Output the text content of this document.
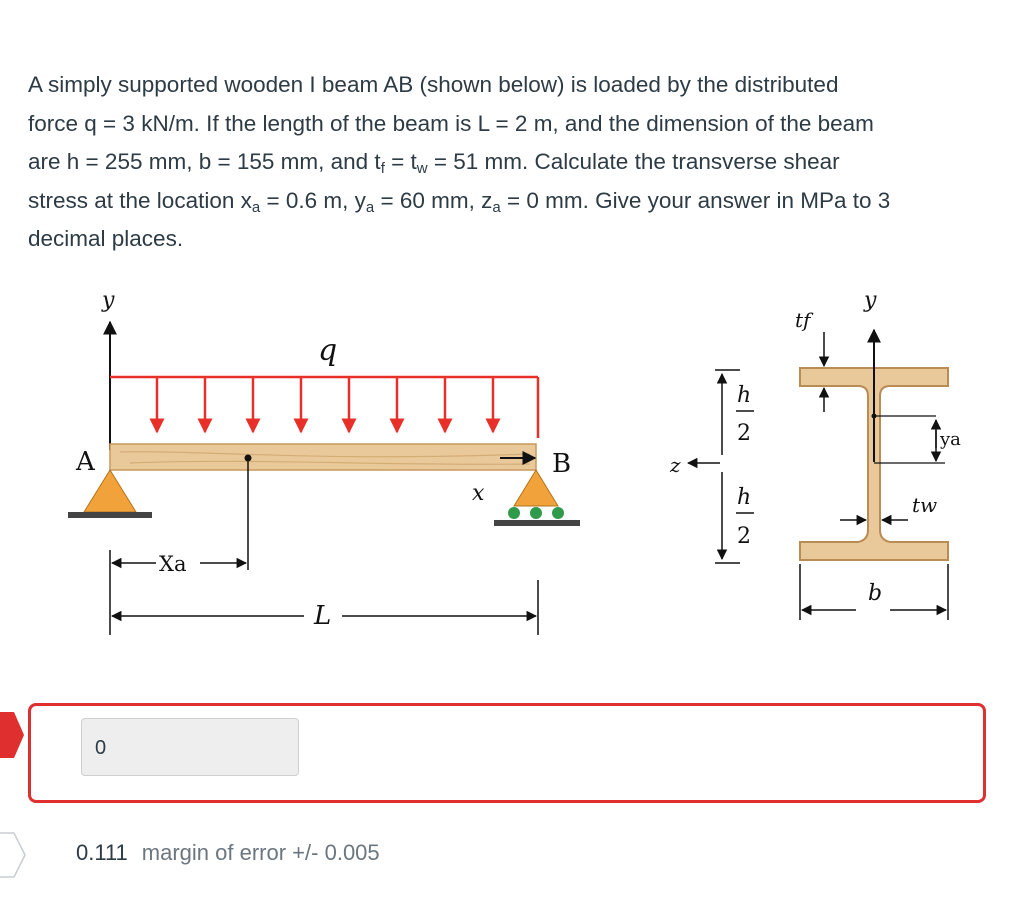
A simply supported wooden I beam AB (shown below) is loaded by the distributed
force q = 3 kN/m. If the length of the beam is L = 2 m, and the dimension of the beam
are h = 255 mm, b = 155 mm, and $t_f = t_w = 51$ mm. Calculate the transverse shear
stress at the location $x_a = 0.6$ m, $y_a = 60$ mm, $z_a = 0$ mm. Give your answer in MPa to 3
decimal places.

y
q
x
A	B
Xa
L
z
h
2
h
2
y
tf
ya
tw
b
0
0.111 margin of error +/- 0.005
